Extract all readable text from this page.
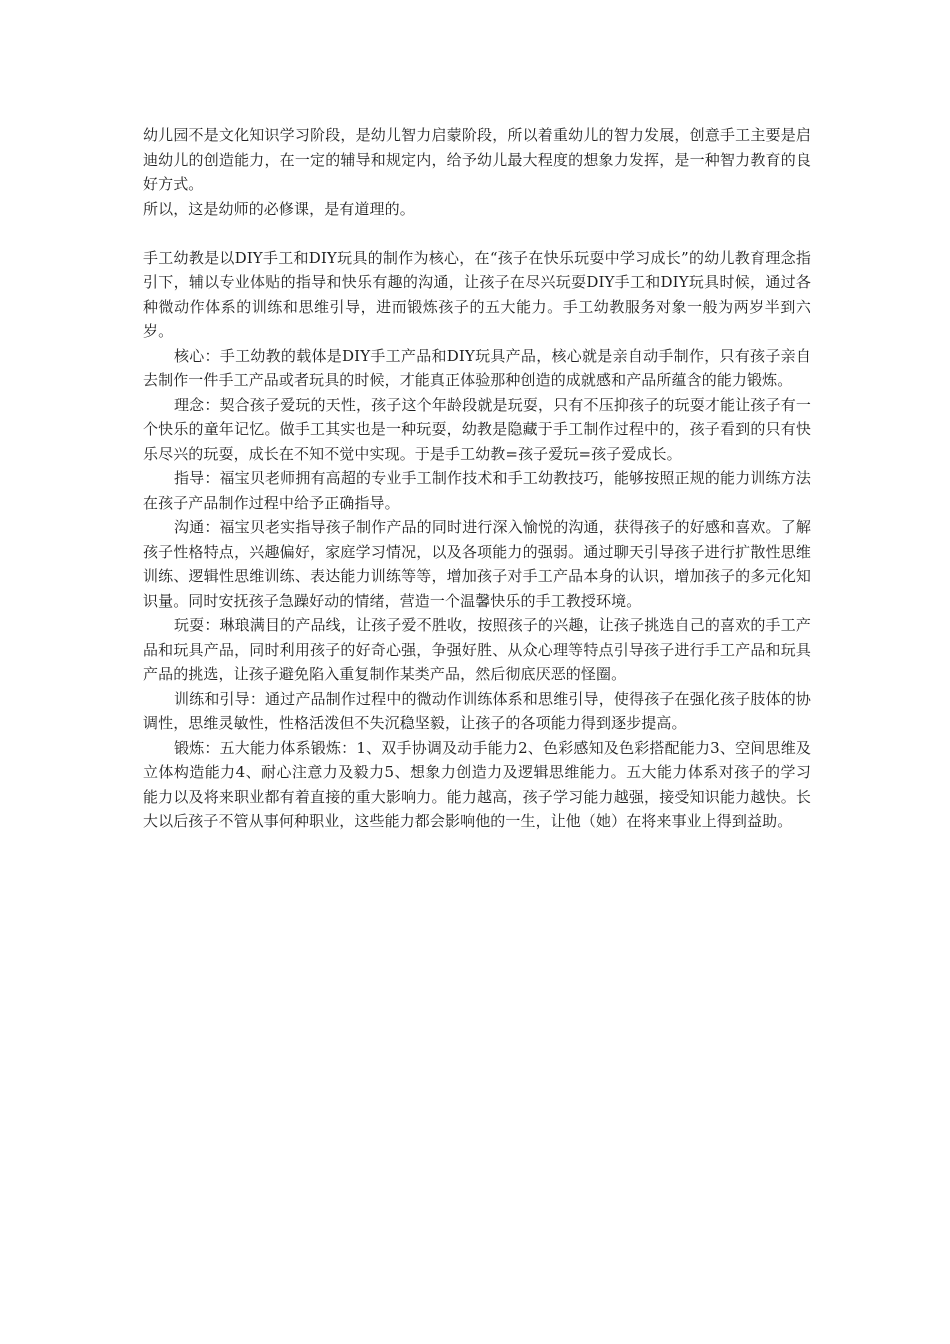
幼儿园不是文化知识学习阶段，是幼儿智力启蒙阶段，所以着重幼儿的智力发展，创意手工主要是启迪幼儿的创造能力，在一定的辅导和规定内，给予幼儿最大程度的想象力发挥，是一种智力教育的良好方式。

所以，这是幼师的必修课，是有道理的。

手工幼教是以DIY手工和DIY玩具的制作为核心，在“孩子在快乐玩耍中学习成长”的幼儿教育理念指引下，辅以专业体贴的指导和快乐有趣的沟通，让孩子在尽兴玩耍DIY手工和DIY玩具时候，通过各种微动作体系的训练和思维引导，进而锻炼孩子的五大能力。手工幼教服务对象一般为两岁半到六岁。

核心：手工幼教的载体是DIY手工产品和DIY玩具产品，核心就是亲自动手制作，只有孩子亲自去制作一件手工产品或者玩具的时候，才能真正体验那种创造的成就感和产品所蕴含的能力锻炼。

理念：契合孩子爱玩的天性，孩子这个年龄段就是玩耍，只有不压抑孩子的玩耍才能让孩子有一个快乐的童年记忆。做手工其实也是一种玩耍，幼教是隐藏于手工制作过程中的，孩子看到的只有快乐尽兴的玩耍，成长在不知不觉中实现。于是手工幼教=孩子爱玩=孩子爱成长。

指导：福宝贝老师拥有高超的专业手工制作技术和手工幼教技巧，能够按照正规的能力训练方法在孩子产品制作过程中给予正确指导。

沟通：福宝贝老实指导孩子制作产品的同时进行深入愉悦的沟通，获得孩子的好感和喜欢。了解孩子性格特点，兴趣偏好，家庭学习情况，以及各项能力的强弱。通过聊天引导孩子进行扩散性思维训练、逻辑性思维训练、表达能力训练等等，增加孩子对手工产品本身的认识，增加孩子的多元化知识量。同时安抚孩子急躁好动的情绪，营造一个温馨快乐的手工教授环境。

玩耍：琳琅满目的产品线，让孩子爱不胜收，按照孩子的兴趣，让孩子挑选自己的喜欢的手工产品和玩具产品，同时利用孩子的好奇心强，争强好胜、从众心理等特点引导孩子进行手工产品和玩具产品的挑选，让孩子避免陷入重复制作某类产品，然后彻底厌恶的怪圈。

训练和引导：通过产品制作过程中的微动作训练体系和思维引导，使得孩子在强化孩子肢体的协调性，思维灵敏性，性格活泼但不失沉稳坚毅，让孩子的各项能力得到逐步提高。

锻炼：五大能力体系锻炼：1、双手协调及动手能力2、色彩感知及色彩搭配能力3、空间思维及立体构造能力4、耐心注意力及毅力5、想象力创造力及逻辑思维能力。五大能力体系对孩子的学习能力以及将来职业都有着直接的重大影响力。能力越高，孩子学习能力越强，接受知识能力越快。长大以后孩子不管从事何种职业，这些能力都会影响他的一生，让他（她）在将来事业上得到益助。
